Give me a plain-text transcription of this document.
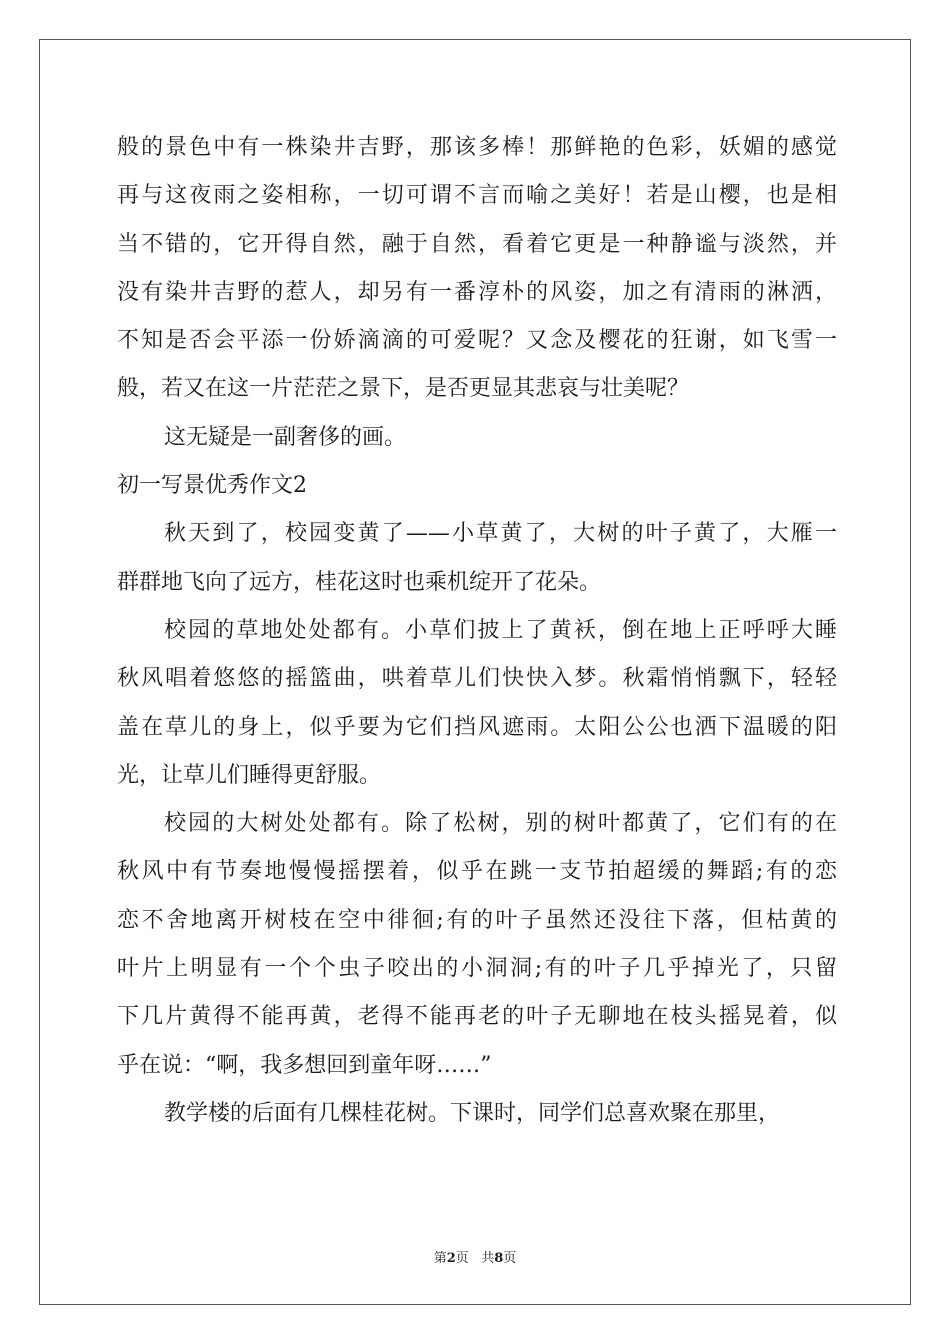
般的景色中有一株染井吉野，那该多棒！那鲜艳的色彩，妖媚的感觉
再与这夜雨之姿相称，一切可谓不言而喻之美好！若是山樱，也是相
当不错的，它开得自然，融于自然，看着它更是一种静谧与淡然，并
没有染井吉野的惹人，却另有一番淳朴的风姿，加之有清雨的淋洒，
不知是否会平添一份娇滴滴的可爱呢？又念及樱花的狂谢，如飞雪一
般，若又在这一片茫茫之景下，是否更显其悲哀与壮美呢？
这无疑是一副奢侈的画。
初一写景优秀作文2
秋天到了，校园变黄了——小草黄了，大树的叶子黄了，大雁一
群群地飞向了远方，桂花这时也乘机绽开了花朵。
校园的草地处处都有。小草们披上了黄袄，倒在地上正呼呼大睡
秋风唱着悠悠的摇篮曲，哄着草儿们快快入梦。秋霜悄悄飘下，轻轻
盖在草儿的身上，似乎要为它们挡风遮雨。太阳公公也洒下温暖的阳
光，让草儿们睡得更舒服。
校园的大树处处都有。除了松树，别的树叶都黄了，它们有的在
秋风中有节奏地慢慢摇摆着，似乎在跳一支节拍超缓的舞蹈;有的恋
恋不舍地离开树枝在空中徘徊;有的叶子虽然还没往下落，但枯黄的
叶片上明显有一个个虫子咬出的小洞洞;有的叶子几乎掉光了，只留
下几片黄得不能再黄，老得不能再老的叶子无聊地在枝头摇晃着，似
乎在说：“啊，我多想回到童年呀……”
教学楼的后面有几棵桂花树。下课时，同学们总喜欢聚在那里，
第2页   共8页
